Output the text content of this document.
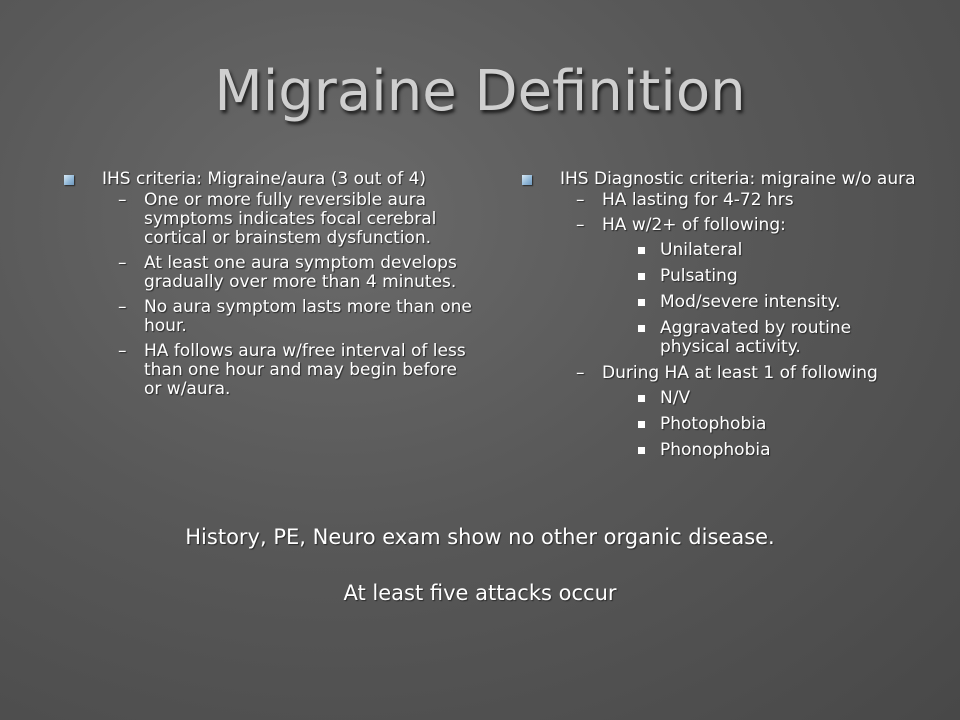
Migraine Definition
IHS criteria: Migraine/aura (3 out of 4)
– One or more fully reversible aura symptoms indicates focal cerebral cortical or brainstem dysfunction.
– At least one aura symptom develops gradually over more than 4 minutes.
– No aura symptom lasts more than one hour.
– HA follows aura w/free interval of less than one hour and may begin before or w/aura.
IHS Diagnostic criteria: migraine w/o aura
– HA lasting for 4-72 hrs
– HA w/2+ of following:
Unilateral
Pulsating
Mod/severe intensity.
Aggravated by routine physical activity.
– During HA at least 1 of following
N/V
Photophobia
Phonophobia
History, PE, Neuro exam show no other organic disease.
At least five attacks occur
